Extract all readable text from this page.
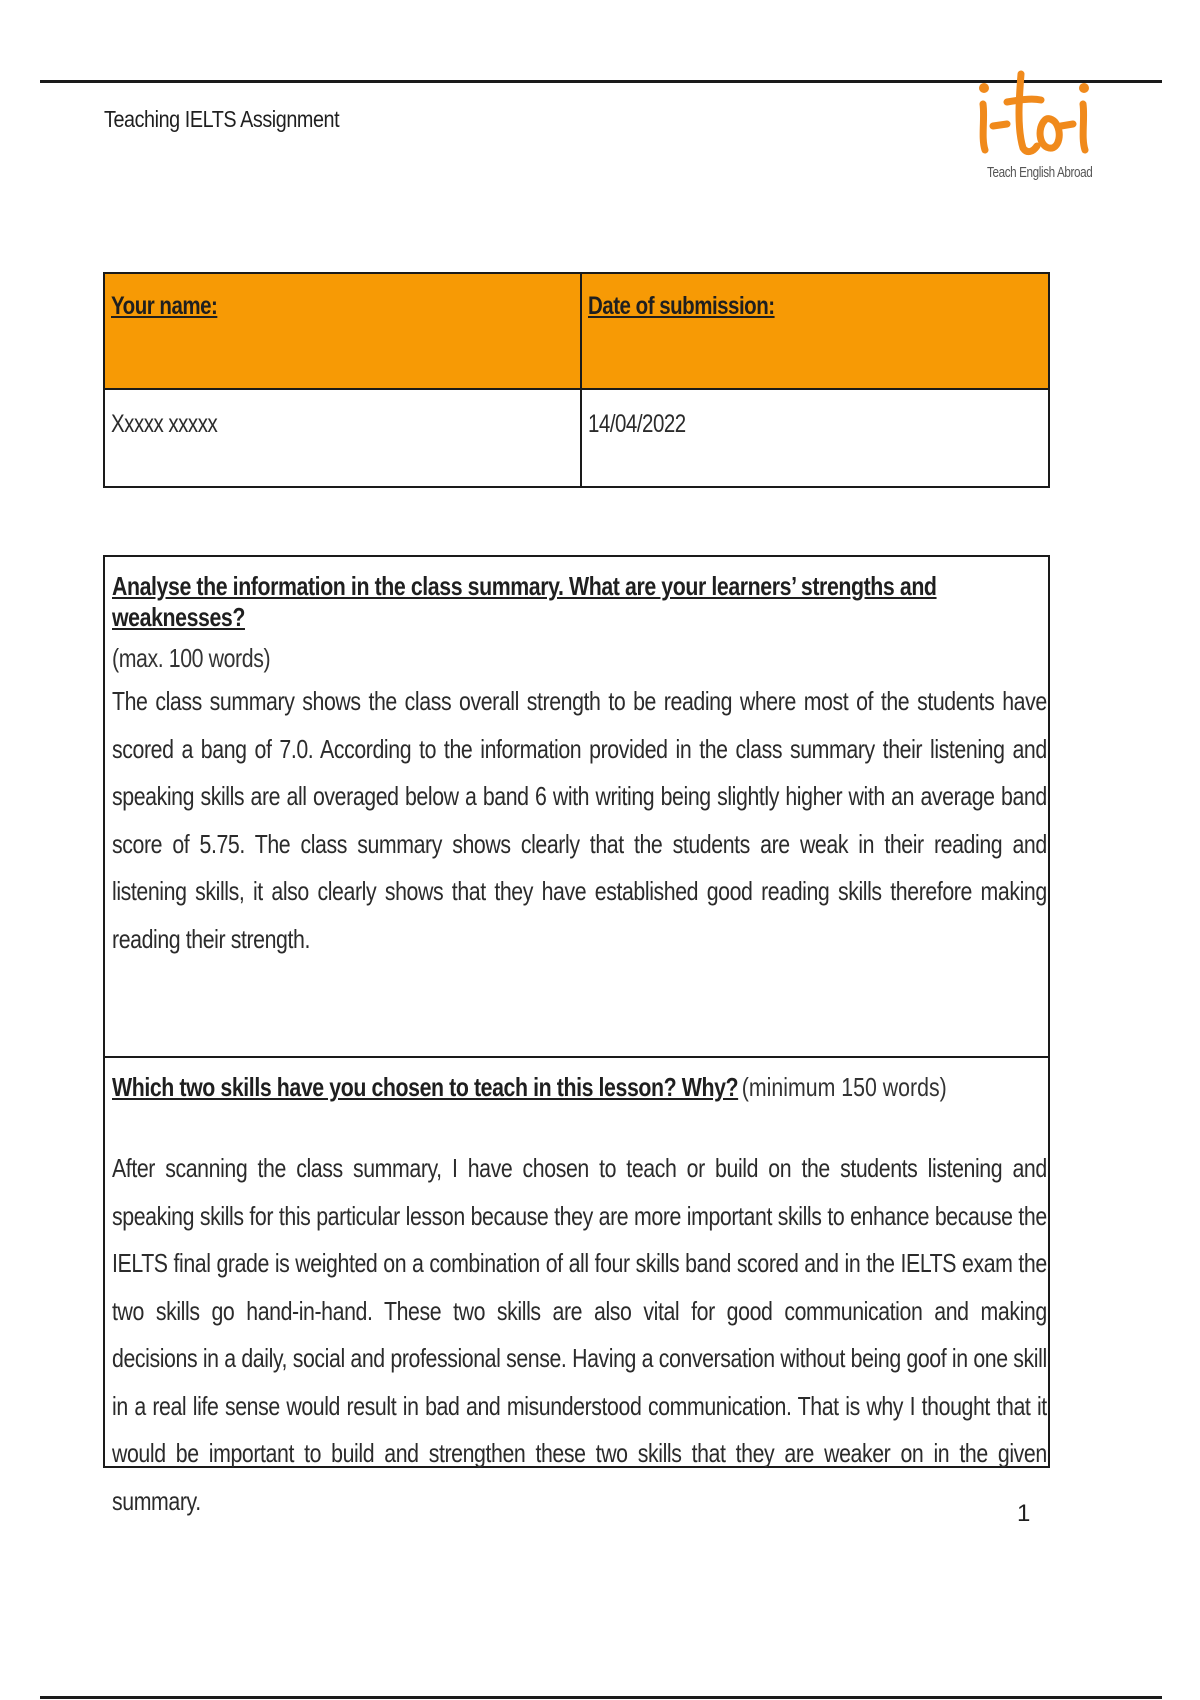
Teaching IELTS Assignment
Teach English Abroad
Your name:	Date of submission:
Xxxxx xxxxx	14/04/2022
Analyse the information in the class summary. What are your learners’ strengths and weaknesses?
(max. 100 words)
The class summary shows the class overall strength to be reading where most of the students have scored a bang of 7.0. According to the information provided in the class summary their listening and speaking skills are all overaged below a band 6 with writing being slightly higher with an average band score of 5.75. The class summary shows clearly that the students are weak in their reading and listening skills, it also clearly shows that they have established good reading skills therefore making reading their strength.
Which two skills have you chosen to teach in this lesson? Why? (minimum 150 words)
After scanning the class summary, I have chosen to teach or build on the students listening and speaking skills for this particular lesson because they are more important skills to enhance because the IELTS final grade is weighted on a combination of all four skills band scored and in the IELTS exam the two skills go hand-in-hand. These two skills are also vital for good communication and making decisions in a daily, social and professional sense. Having a conversation without being goof in one skill in a real life sense would result in bad and misunderstood communication. That is why I thought that it would be important to build and strengthen these two skills that they are weaker on in the given summary.	1
